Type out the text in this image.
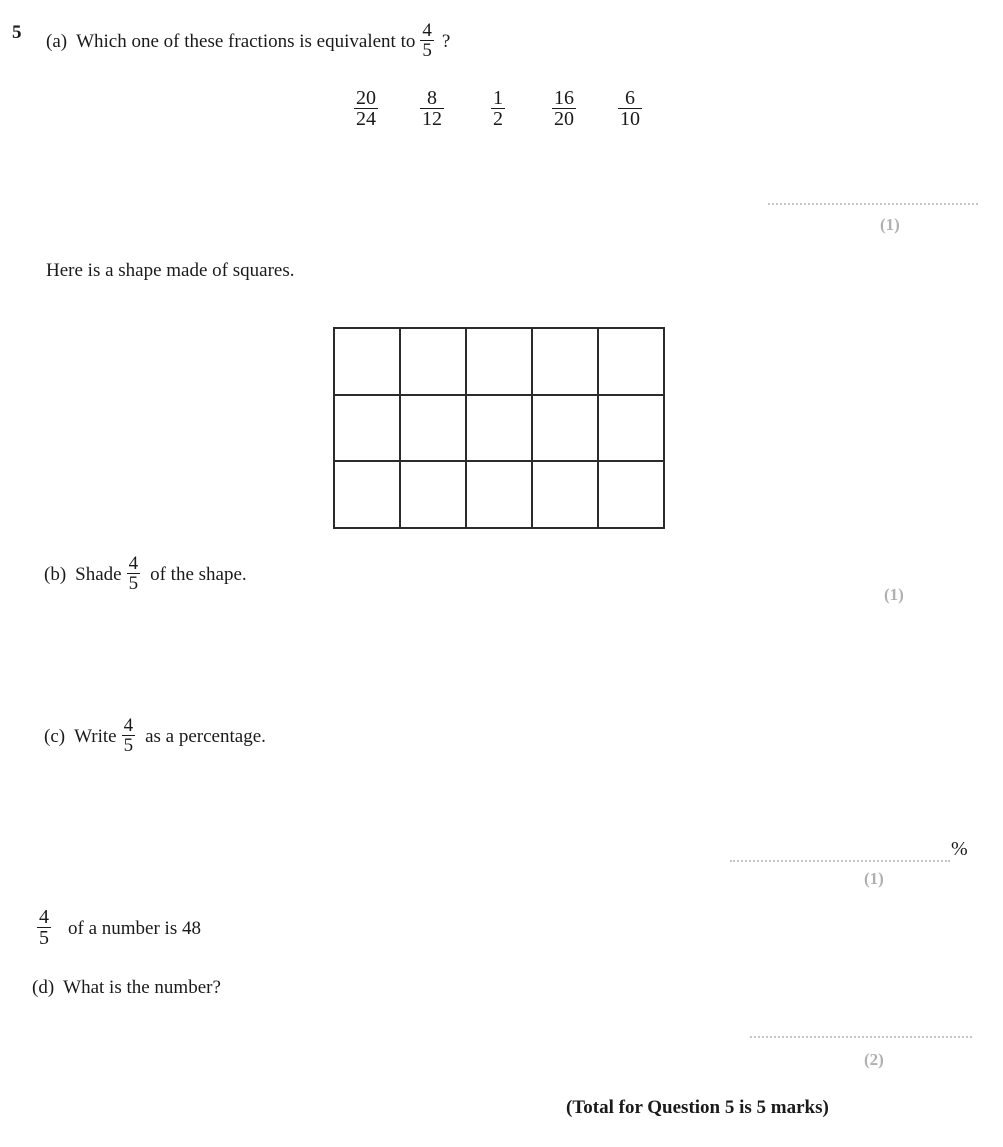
5 (a) Which one of these fractions is equivalent to $\frac{4}{5}$ ?
$\frac{20}{24} \frac{8}{12} \frac{1}{2} \frac{16}{20} \frac{6}{10}$
(1)
Here is a shape made of squares.
(b) Shade $\frac{4}{5}$ of the shape.
(1)
(c) Write $\frac{4}{5}$ as a percentage.
%
(1)
$\frac{4}{5}$ of a number is 48
(d) What is the number?
(2)
(Total for Question 5 is 5 marks)
